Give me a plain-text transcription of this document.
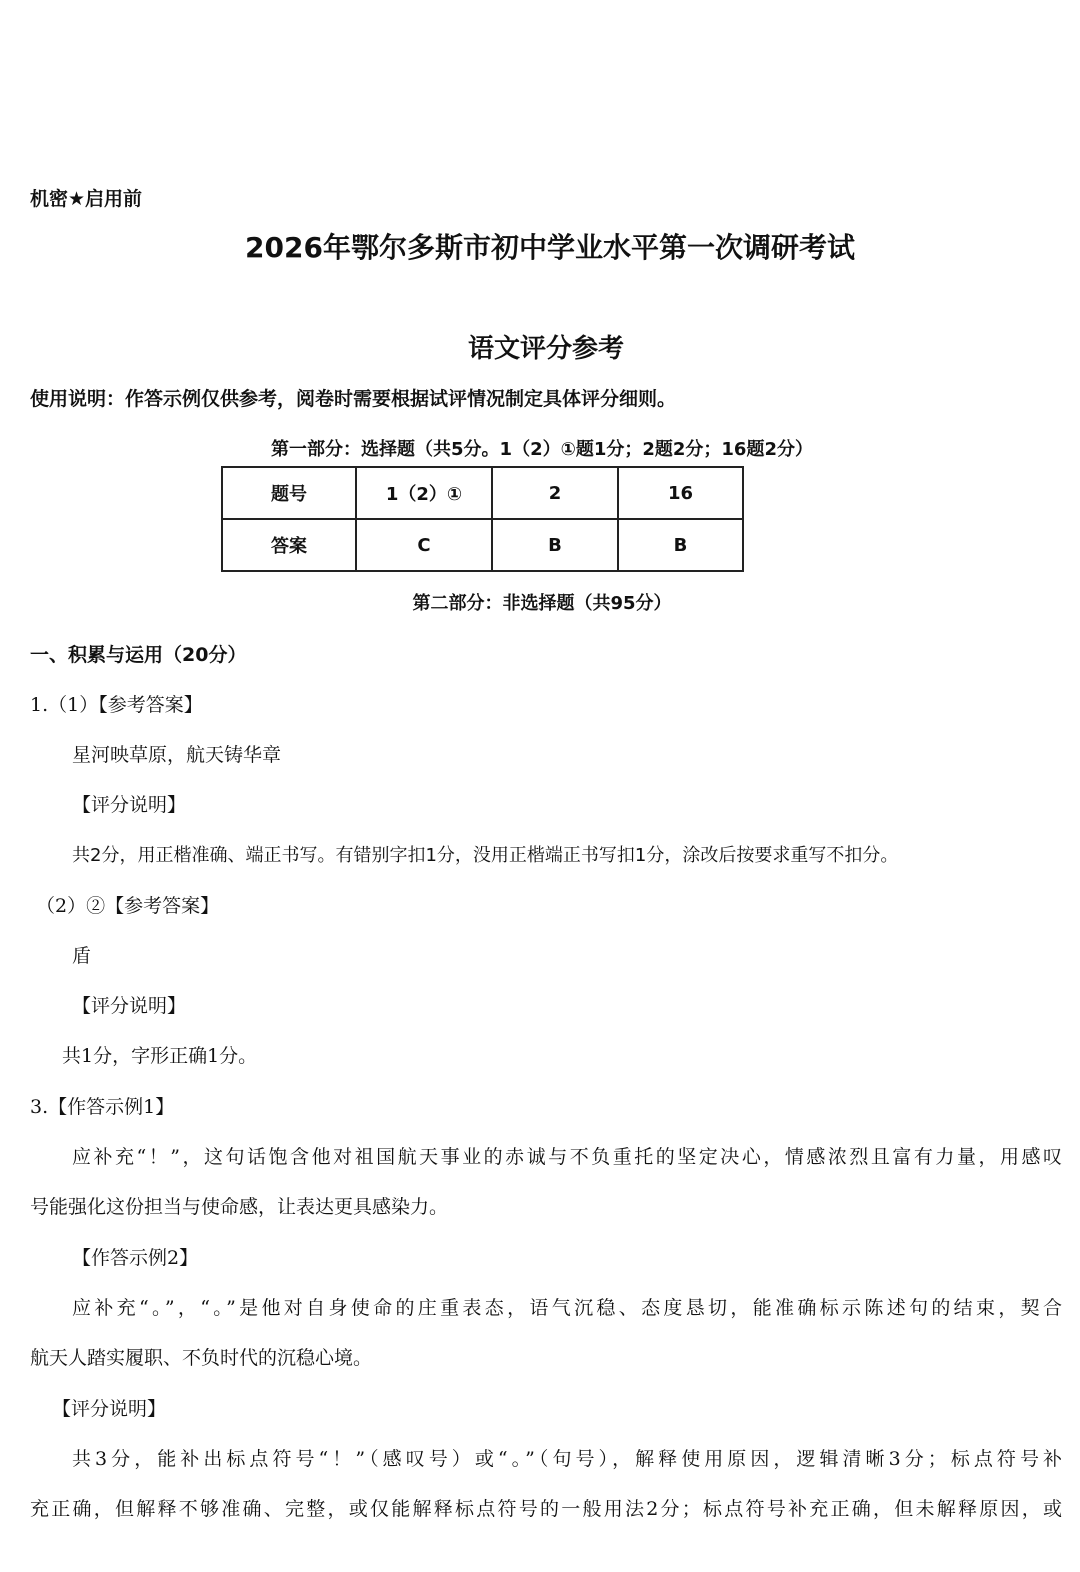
机密★启用前
2026年鄂尔多斯市初中学业水平第一次调研考试
语文评分参考
使用说明：作答示例仅供参考，阅卷时需要根据试评情况制定具体评分细则。
第一部分：选择题（共5分。1（2）①题1分；2题2分；16题2分）
题号	1（2）①	2	16
答案	C	B	B
第二部分：非选择题（共95分）
一、积累与运用（20分）
1.（1）【参考答案】
星河映草原，航天铸华章
【评分说明】
共2分，用正楷准确、端正书写。有错别字扣1分，没用正楷端正书写扣1分，涂改后按要求重写不扣分。
（2）②【参考答案】
盾
【评分说明】
共1分，字形正确1分。
3.【作答示例1】
应补充“！”，这句话饱含他对祖国航天事业的赤诚与不负重托的坚定决心，情感浓烈且富有力量，用感叹
号能强化这份担当与使命感，让表达更具感染力。
【作答示例2】
应补充“。”，“。”是他对自身使命的庄重表态，语气沉稳、态度恳切，能准确标示陈述句的结束，契合
航天人踏实履职、不负时代的沉稳心境。
【评分说明】
共3分，能补出标点符号“！”（感叹号）或“。”（句号），解释使用原因，逻辑清晰3分；标点符号补
充正确，但解释不够准确、完整，或仅能解释标点符号的一般用法2分；标点符号补充正确，但未解释原因，或
